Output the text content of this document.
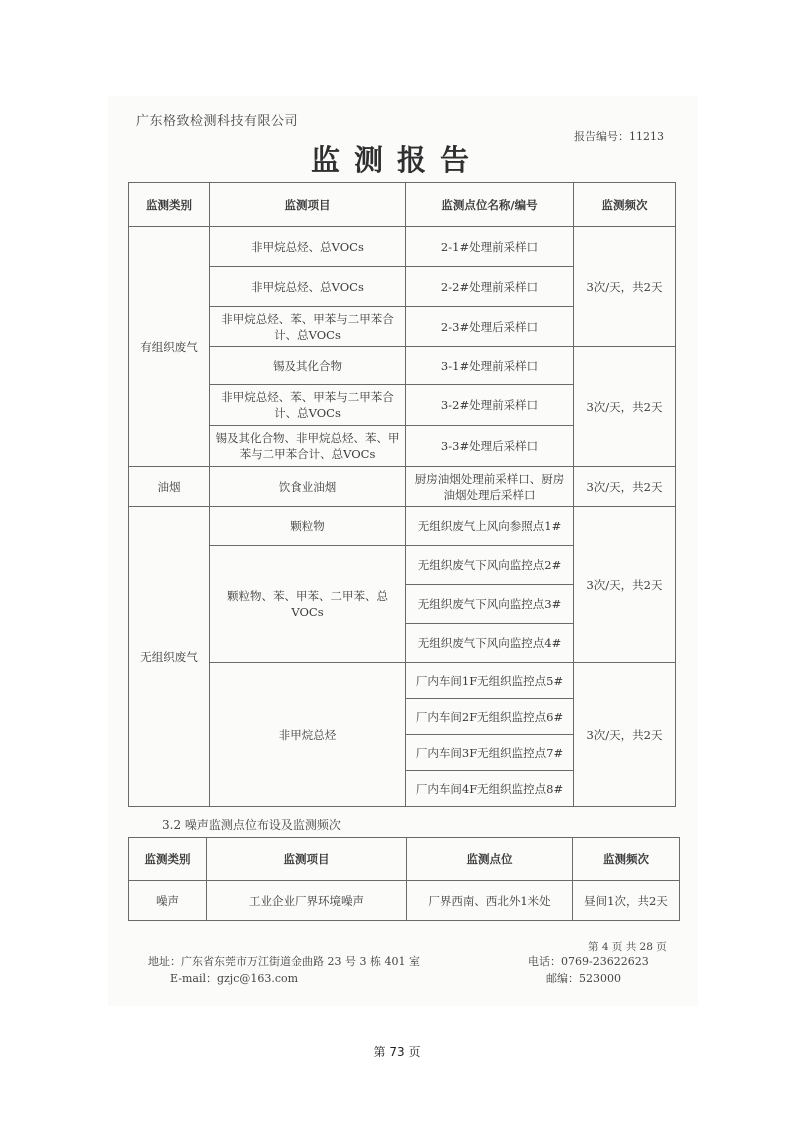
广东格致检测科技有限公司
报告编号：11213
监测报告
监测类别	监测项目	监测点位名称/编号	监测频次
有组织废气	非甲烷总烃、总VOCs	2-1#处理前采样口	3次/天，共2天
	非甲烷总烃、总VOCs	2-2#处理前采样口	
	非甲烷总烃、苯、甲苯与二甲苯合计、总VOCs	2-3#处理后采样口	
	锡及其化合物	3-1#处理前采样口	3次/天，共2天
	非甲烷总烃、苯、甲苯与二甲苯合计、总VOCs	3-2#处理前采样口	
	锡及其化合物、非甲烷总烃、苯、甲苯与二甲苯合计、总VOCs	3-3#处理后采样口	
油烟	饮食业油烟	厨房油烟处理前采样口、厨房油烟处理后采样口	3次/天，共2天
无组织废气	颗粒物	无组织废气上风向参照点1#	3次/天，共2天
	颗粒物、苯、甲苯、二甲苯、总VOCs	无组织废气下风向监控点2#	
		无组织废气下风向监控点3#	
		无组织废气下风向监控点4#	
	非甲烷总烃	厂内车间1F无组织监控点5#	3次/天，共2天
		厂内车间2F无组织监控点6#	
		厂内车间3F无组织监控点7#	
		厂内车间4F无组织监控点8#	
3.2 噪声监测点位布设及监测频次
监测类别	监测项目	监测点位	监测频次
噪声	工业企业厂界环境噪声	厂界西南、西北外1米处	昼间1次，共2天
第 4 页 共 28 页
地址：广东省东莞市万江街道金曲路 23 号 3 栋 401 室
E-mail：gzjc@163.com
电话：0769-23622623
邮编：523000
第 73 页
